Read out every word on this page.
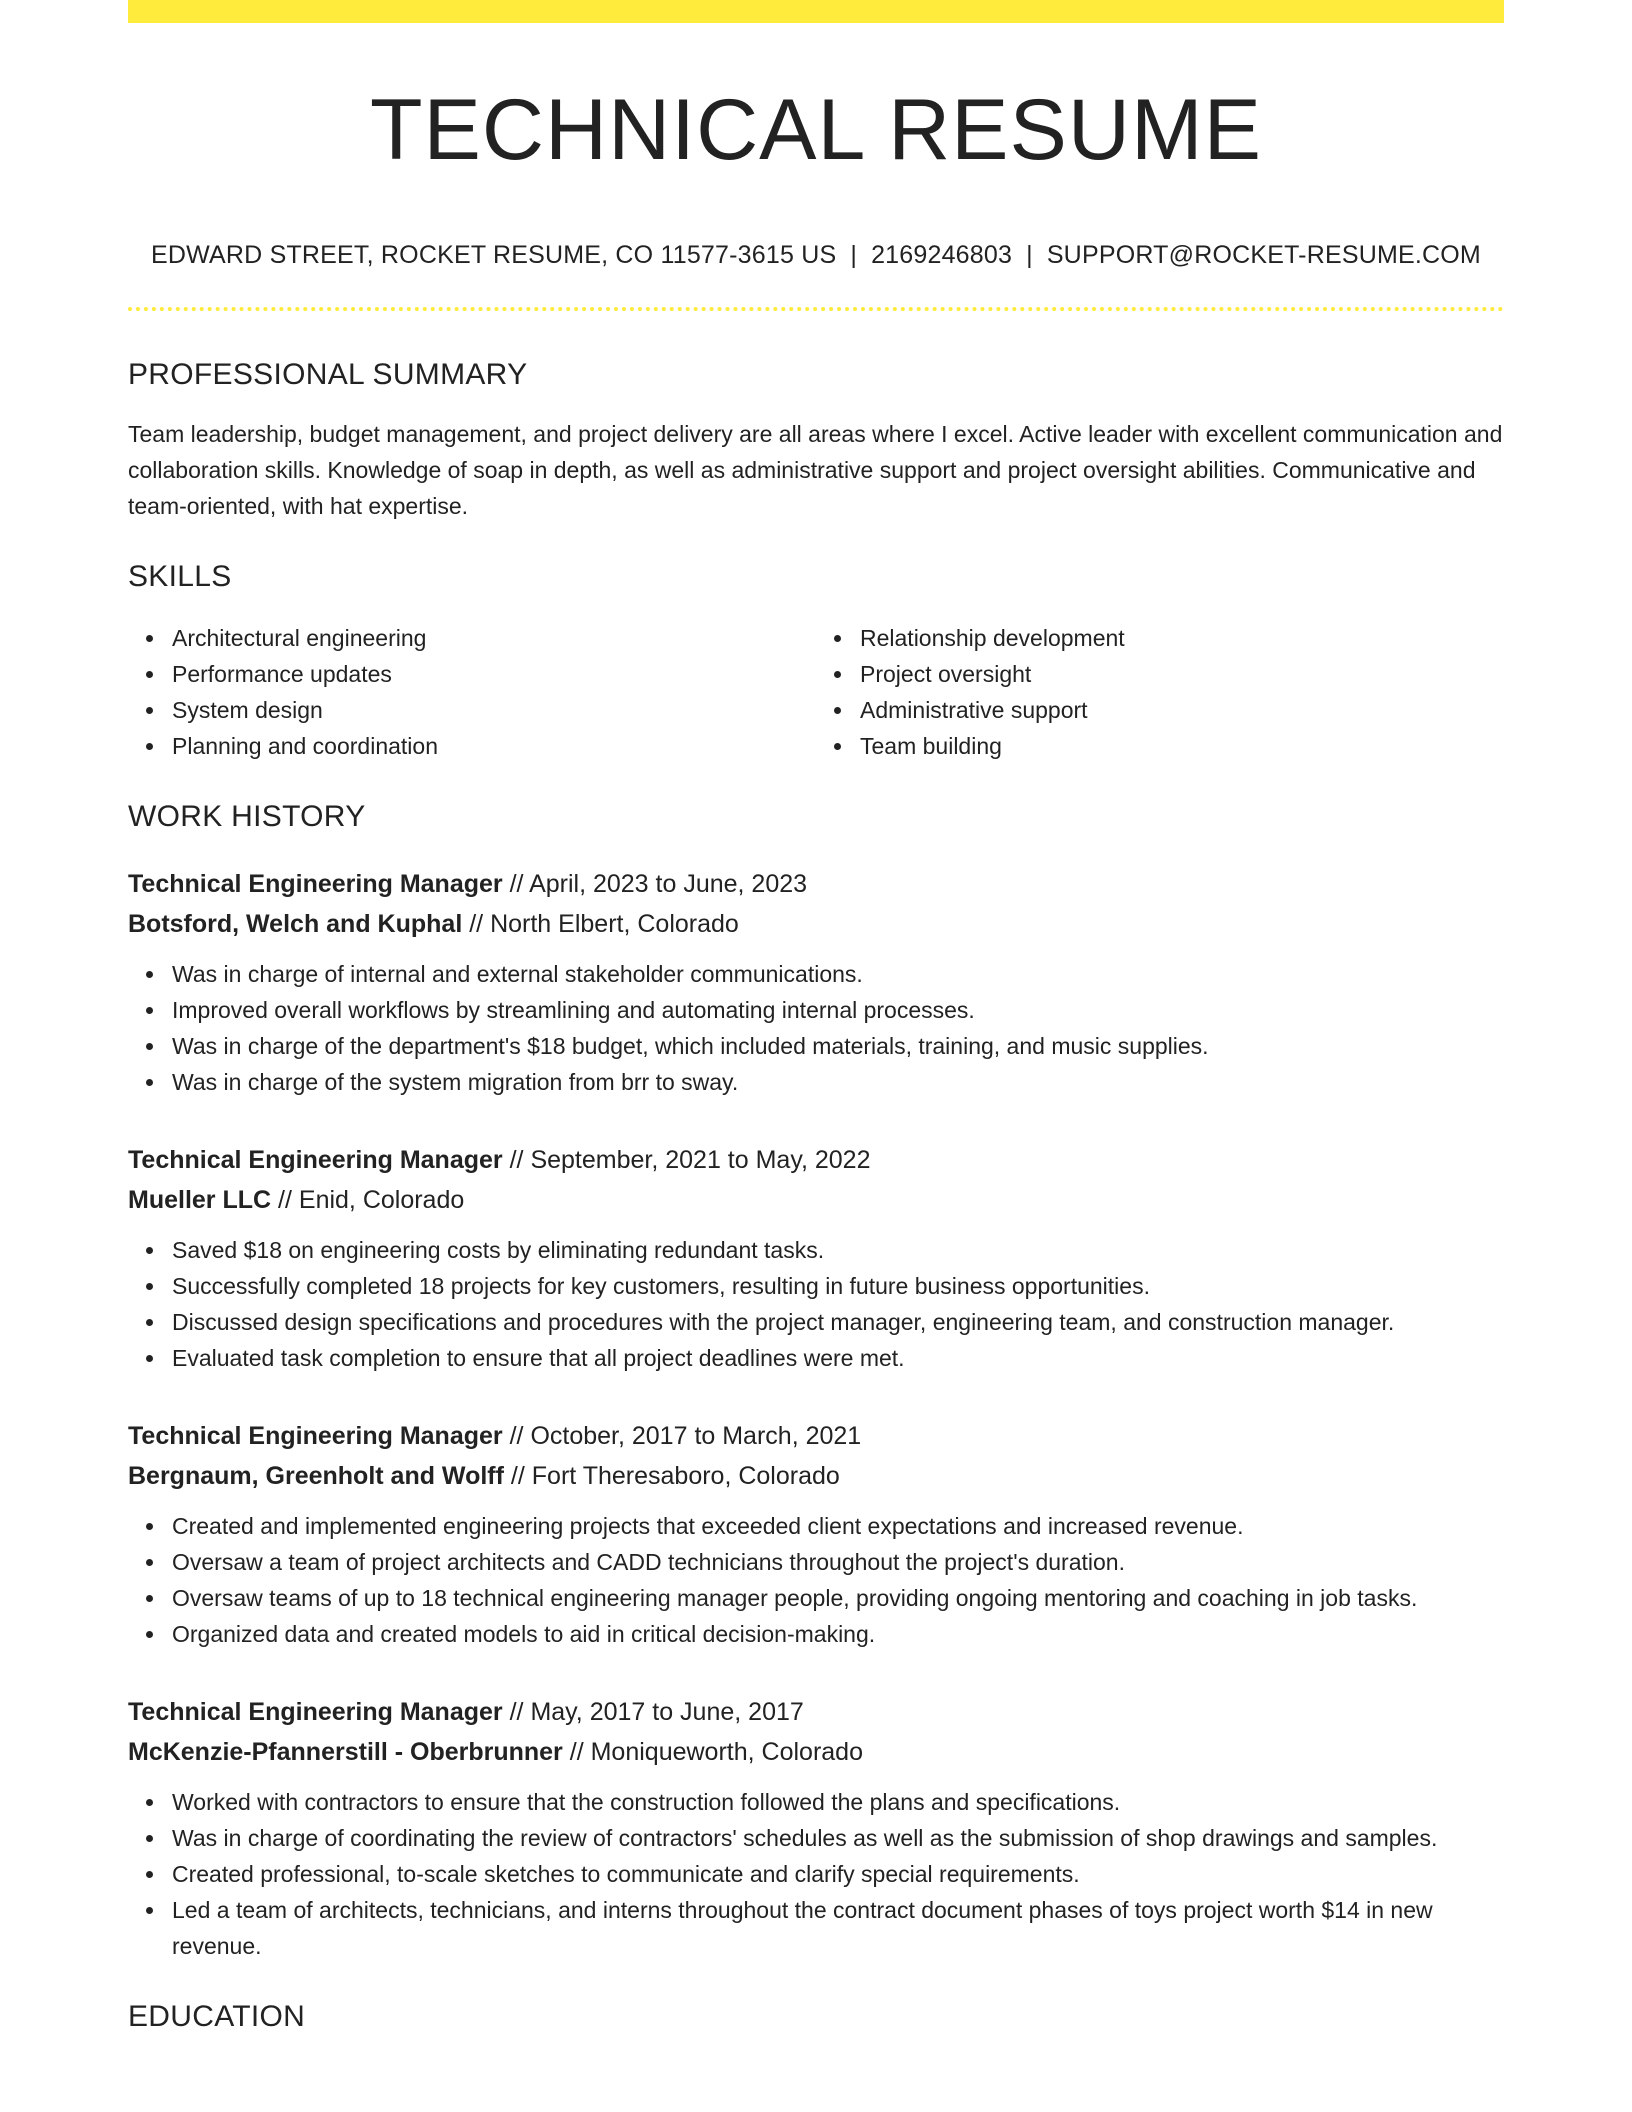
TECHNICAL RESUME
EDWARD STREET, ROCKET RESUME, CO 11577-3615 US | 2169246803 | SUPPORT@ROCKET-RESUME.COM
PROFESSIONAL SUMMARY

Team leadership, budget management, and project delivery are all areas where I excel. Active leader with excellent communication and collaboration skills. Knowledge of soap in depth, as well as administrative support and project oversight abilities. Communicative and team-oriented, with hat expertise.

SKILLS
Architectural engineering
Performance updates
System design
Planning and coordination
Relationship development
Project oversight
Administrative support
Team building
WORK HISTORY
Technical Engineering Manager // April, 2023 to June, 2023
Botsford, Welch and Kuphal // North Elbert, Colorado
Was in charge of internal and external stakeholder communications.
Improved overall workflows by streamlining and automating internal processes.
Was in charge of the department's $18 budget, which included materials, training, and music supplies.
Was in charge of the system migration from brr to sway.
Technical Engineering Manager // September, 2021 to May, 2022
Mueller LLC // Enid, Colorado
Saved $18 on engineering costs by eliminating redundant tasks.
Successfully completed 18 projects for key customers, resulting in future business opportunities.
Discussed design specifications and procedures with the project manager, engineering team, and construction manager.
Evaluated task completion to ensure that all project deadlines were met.
Technical Engineering Manager // October, 2017 to March, 2021
Bergnaum, Greenholt and Wolff // Fort Theresaboro, Colorado
Created and implemented engineering projects that exceeded client expectations and increased revenue.
Oversaw a team of project architects and CADD technicians throughout the project's duration.
Oversaw teams of up to 18 technical engineering manager people, providing ongoing mentoring and coaching in job tasks.
Organized data and created models to aid in critical decision-making.
Technical Engineering Manager // May, 2017 to June, 2017
McKenzie-Pfannerstill - Oberbrunner // Moniqueworth, Colorado
Worked with contractors to ensure that the construction followed the plans and specifications.
Was in charge of coordinating the review of contractors' schedules as well as the submission of shop drawings and samples.
Created professional, to-scale sketches to communicate and clarify special requirements.
Led a team of architects, technicians, and interns throughout the contract document phases of toys project worth $14 in new revenue.
EDUCATION
